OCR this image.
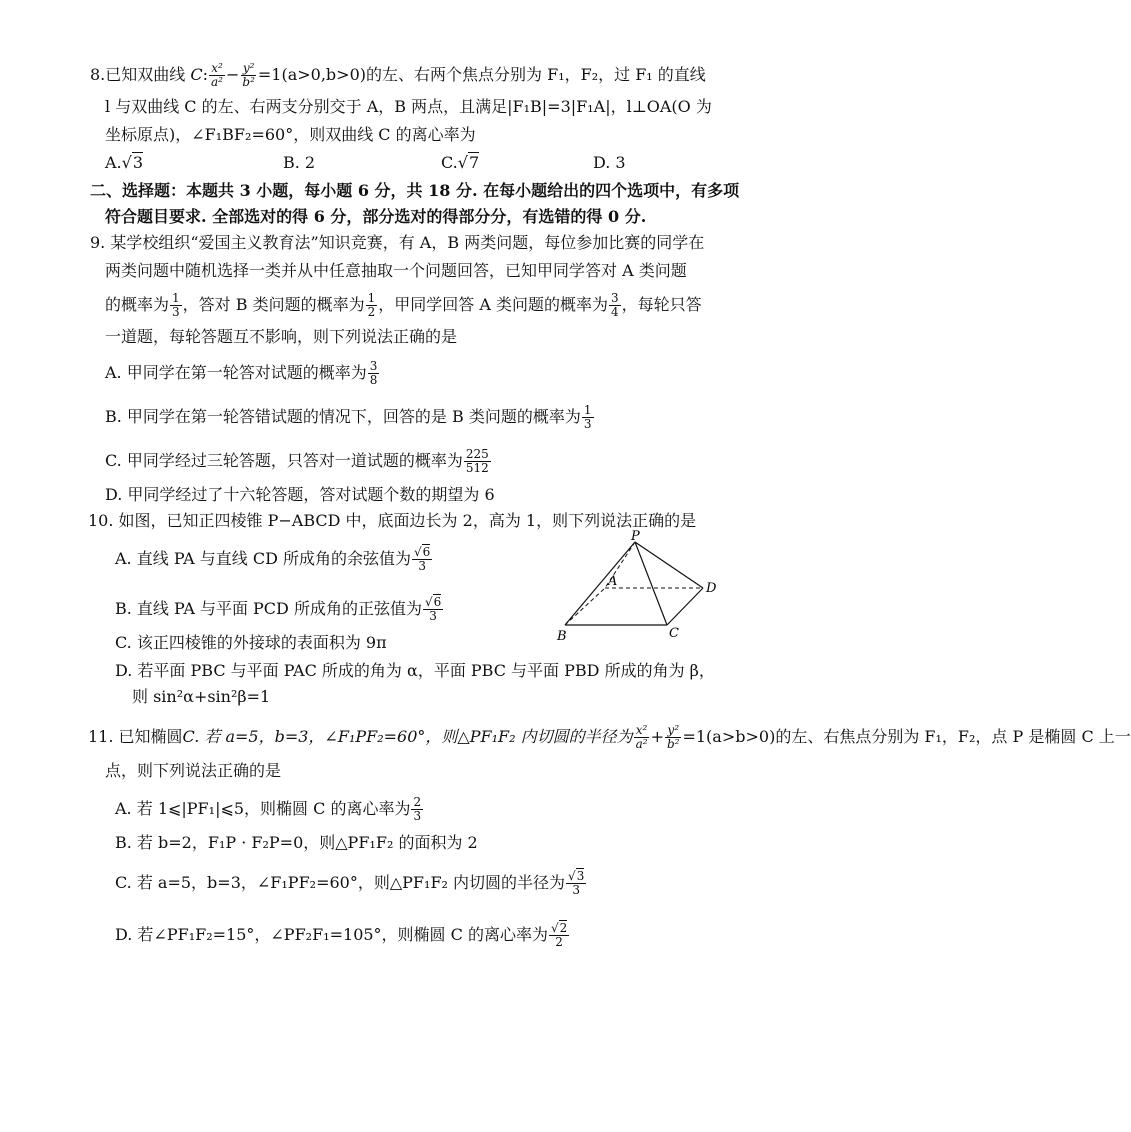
8.已知双曲线 C: $\frac{\text{x²}}{\text{a²}} - \frac{\text{y²}}{\text{b²}} =1(a>0,b>0)$的左、右两个焦点分别为 F₁，F₂，过 F₁ 的直线
l 与双曲线 C 的左、右两支分别交于 A，B 两点，且满足|F₁B|=3|F₁A|，l⊥OA(O 为
坐标原点)，∠F₁BF₂=60°，则双曲线 C 的离心率为
A.√3	B. 2	C.√7	D. 3
二、选择题：本题共 3 小题，每小题 6 分，共 18 分. 在每小题给出的四个选项中，有多项
符合题目要求. 全部选对的得 6 分，部分选对的得部分分，有选错的得 0 分.
9. 某学校组织“爱国主义教育法”知识竞赛，有 A，B 两类问题，每位参加比赛的同学在
两类问题中随机选择一类并从中任意抽取一个问题回答，已知甲同学答对 A 类问题
的概率为 $\frac{1}{3}$ ，答对 B 类问题的概率为 $\frac{1}{2}$ ，甲同学回答 A 类问题的概率为 $\frac{3}{4}$ ，每轮只答
一道题，每轮答题互不影响，则下列说法正确的是
A. 甲同学在第一轮答对试题的概率为 $\frac{3}{8}$
B. 甲同学在第一轮答错试题的情况下，回答的是 B 类问题的概率为 $\frac{1}{3}$
C. 甲同学经过三轮答题，只答对一道试题的概率为 $\frac{225}{512}$
D. 甲同学经过了十六轮答题，答对试题个数的期望为 6
10. 如图，已知正四棱锥 P−ABCD 中，底面边长为 2，高为 1，则下列说法正确的是
A. 直线 PA 与直线 CD 所成角的余弦值为 $\frac{√6}{3}$
B. 直线 PA 与平面 PCD 所成角的正弦值为 $\frac{√6}{3}$
C. 该正四棱锥的外接球的表面积为 9π
D. 若平面 PBC 与平面 PAC 所成的角为 α，平面 PBC 与平面 PBD 所成的角为 β，
则 sin²α+sin²β=1
P
A
B	C
D
11. 已知椭圆C. 若 a=5，b=3，∠F₁PF₂=60°，则△PF₁F₂ 内切圆的半径为 $\frac{\text{x²}}{\text{a²}} + \frac{\text{y²}}{\text{b²}} =1(a>b>0)$的左、右焦点分别为 F₁，F₂，点 P 是椭圆 C 上一
点，则下列说法正确的是
A. 若 1⩽|PF₁|⩽5，则椭圆 C 的离心率为 $\frac{2}{3}$
B. 若 b=2，F₁P · F₂P=0，则△PF₁F₂ 的面积为 2
C. 若 a=5，b=3，∠F₁PF₂=60°，则△PF₁F₂ 内切圆的半径为 $\frac{√3}{3}$
D. 若∠PF₁F₂=15°，∠PF₂F₁=105°，则椭圆 C 的离心率为 $\frac{√2}{2}$
